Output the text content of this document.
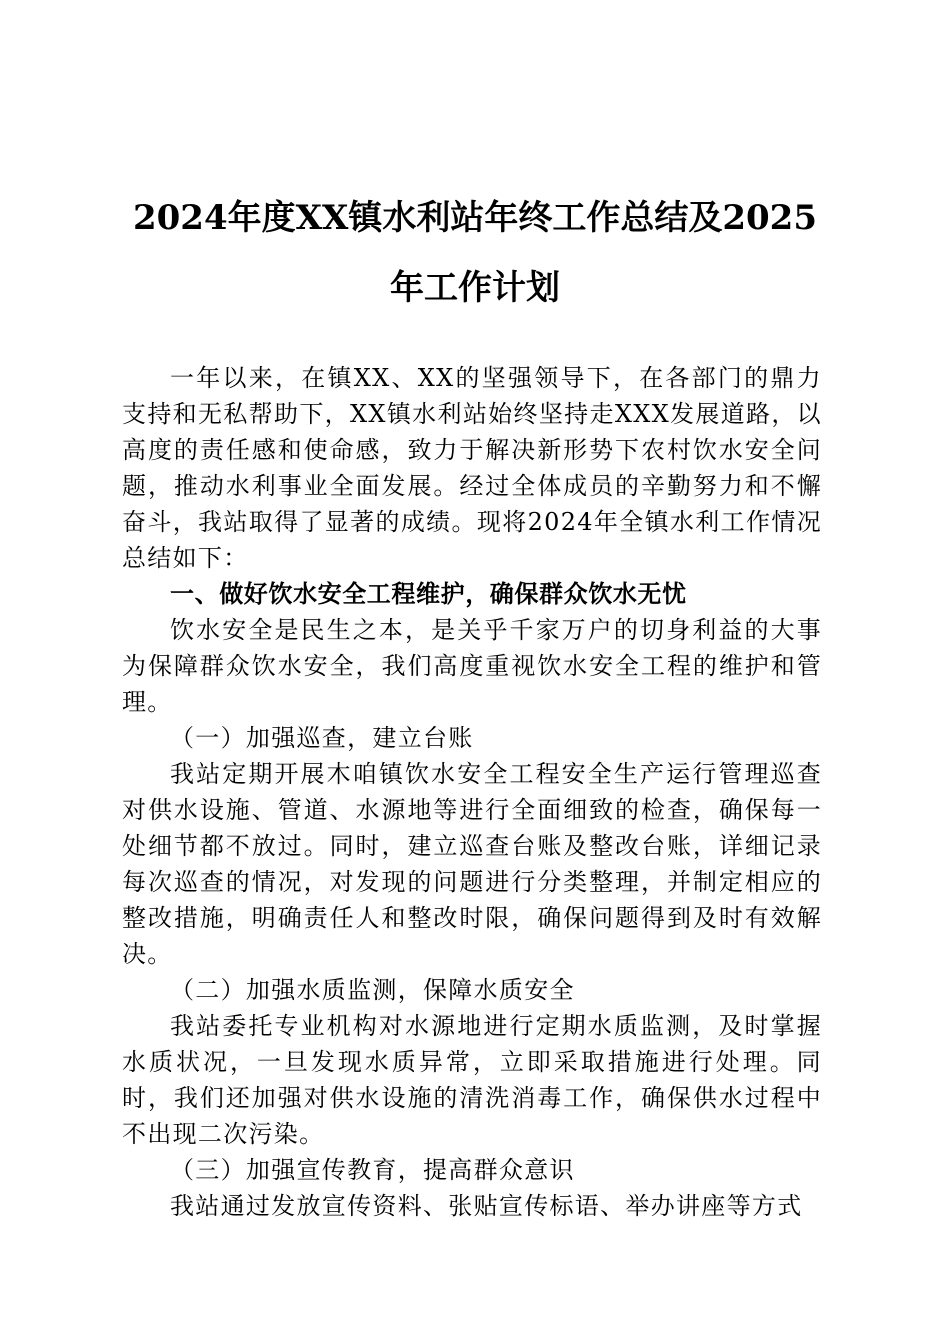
2024年度XX镇水利站年终工作总结及2025
年工作计划

一年以来，在镇XX、XX的坚强领导下，在各部门的鼎力支持和无私帮助下，XX镇水利站始终坚持走XXX发展道路，以高度的责任感和使命感，致力于解决新形势下农村饮水安全问题，推动水利事业全面发展。经过全体成员的辛勤努力和不懈奋斗，我站取得了显著的成绩。现将2024年全镇水利工作情况总结如下：

一、做好饮水安全工程维护，确保群众饮水无忧

饮水安全是民生之本，是关乎千家万户的切身利益的大事为保障群众饮水安全，我们高度重视饮水安全工程的维护和管理。

（一）加强巡查，建立台账

我站定期开展木咱镇饮水安全工程安全生产运行管理巡查对供水设施、管道、水源地等进行全面细致的检查，确保每一处细节都不放过。同时，建立巡查台账及整改台账，详细记录每次巡查的情况，对发现的问题进行分类整理，并制定相应的整改措施，明确责任人和整改时限，确保问题得到及时有效解决。

（二）加强水质监测，保障水质安全

我站委托专业机构对水源地进行定期水质监测，及时掌握水质状况，一旦发现水质异常，立即采取措施进行处理。同时，我们还加强对供水设施的清洗消毒工作，确保供水过程中不出现二次污染。

（三）加强宣传教育，提高群众意识

我站通过发放宣传资料、张贴宣传标语、举办讲座等方式
